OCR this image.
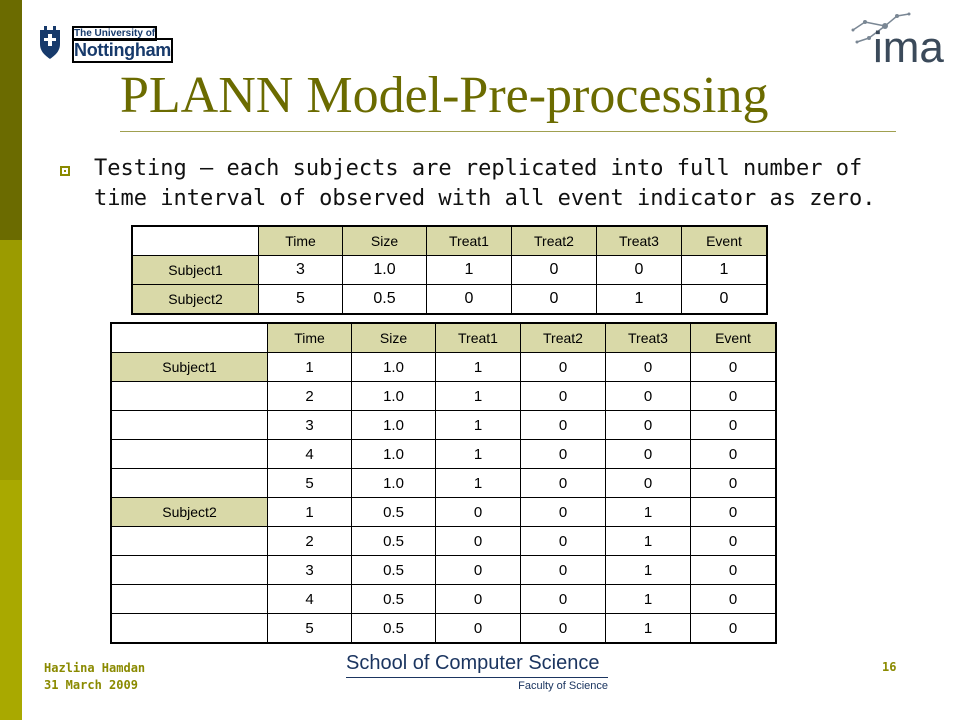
The University of
Nottingham	ima
PLANN Model-Pre-processing
Testing – each subjects are replicated into full number of time interval of observed with all event indicator as zero.
	Time	Size	Treat1	Treat2	Treat3	Event
Subject1	3	1.0	1	0	0	1
Subject2	5	0.5	0	0	1	0
	Time	Size	Treat1	Treat2	Treat3	Event
Subject1	1	1.0	1	0	0	0
	2	1.0	1	0	0	0
	3	1.0	1	0	0	0
	4	1.0	1	0	0	0
	5	1.0	1	0	0	0
Subject2	1	0.5	0	0	1	0
	2	0.5	0	0	1	0
	3	0.5	0	0	1	0
	4	0.5	0	0	1	0
	5	0.5	0	0	1	0
Hazlina Hamdan
31 March 2009
School of Computer Science
Faculty of Science
16
